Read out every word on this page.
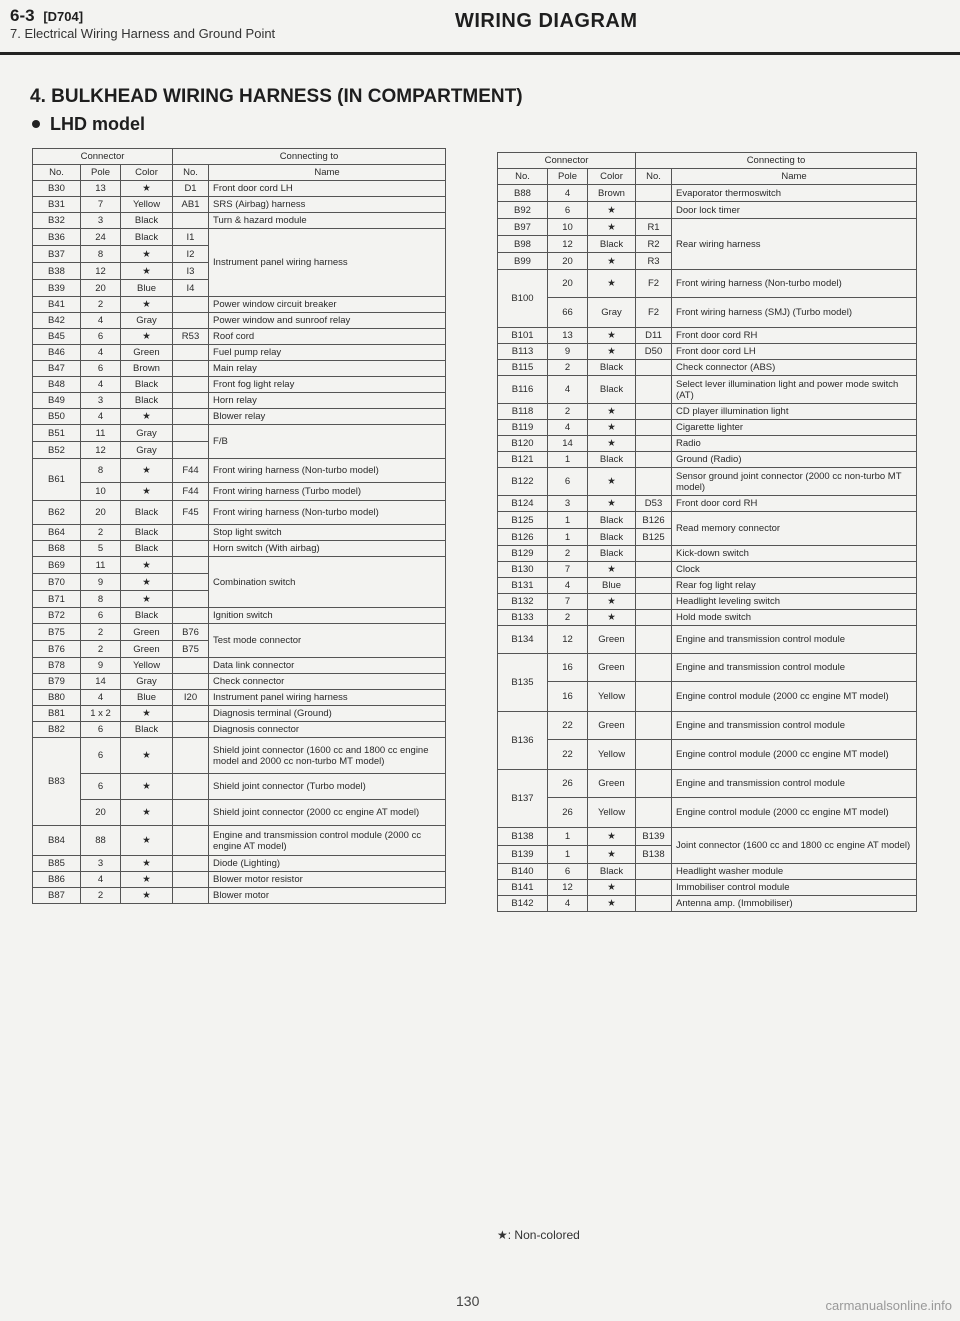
6-3 [D704]
7. Electrical Wiring Harness and Ground Point
WIRING DIAGRAM
4. BULKHEAD WIRING HARNESS (IN COMPARTMENT)
LHD model
Connector			Connecting to	
No.	Pole	Color	No.	Name
B30	13	★	D1	Front door cord LH
B31	7	Yellow	AB1	SRS (Airbag) harness
B32	3	Black		Turn & hazard module
B36	24	Black	I1	Instrument panel wiring harness
B37	8	★	I2	
B38	12	★	I3	
B39	20	Blue	I4	
B41	2	★		Power window circuit breaker
B42	4	Gray		Power window and sunroof relay
B45	6	★	R53	Roof cord
B46	4	Green		Fuel pump relay
B47	6	Brown		Main relay
B48	4	Black		Front fog light relay
B49	3	Black		Horn relay
B50	4	★		Blower relay
B51	11	Gray		F/B
B52	12	Gray		
B61	8	★	F44	Front wiring harness (Non-turbo model)
	10	★	F44	Front wiring harness (Turbo model)
B62	20	Black	F45	Front wiring harness (Non-turbo model)
B64	2	Black		Stop light switch
B68	5	Black		Horn switch (With airbag)
B69	11	★		Combination switch
B70	9	★		
B71	8	★		
B72	6	Black		Ignition switch
B75	2	Green	B76	Test mode connector
B76	2	Green	B75	
B78	9	Yellow		Data link connector
B79	14	Gray		Check connector
B80	4	Blue	I20	Instrument panel wiring harness
B81	1 x 2	★		Diagnosis terminal (Ground)
B82	6	Black		Diagnosis connector
B83	6	★		Shield joint connector (1600 cc and 1800 cc engine model and 2000 cc non-turbo MT model)
	6	★		Shield joint connector (Turbo model)
	20	★		Shield joint connector (2000 cc engine AT model)
B84	88	★		Engine and transmission control module (2000 cc engine AT model)
B85	3	★		Diode (Lighting)
B86	4	★		Blower motor resistor
B87	2	★		Blower motor
Connector			Connecting to	
No.	Pole	Color	No.	Name
B88	4	Brown		Evaporator thermoswitch
B92	6	★		Door lock timer
B97	10	★	R1	Rear wiring harness
B98	12	Black	R2	
B99	20	★	R3	
B100	20	★	F2	Front wiring harness (Non-turbo model)
	66	Gray	F2	Front wiring harness (SMJ) (Turbo model)
B101	13	★	D11	Front door cord RH
B113	9	★	D50	Front door cord LH
B115	2	Black		Check connector (ABS)
B116	4	Black		Select lever illumination light and power mode switch (AT)
B118	2	★		CD player illumination light
B119	4	★		Cigarette lighter
B120	14	★		Radio
B121	1	Black		Ground (Radio)
B122	6	★		Sensor ground joint connector (2000 cc non-turbo MT model)
B124	3	★	D53	Front door cord RH
B125	1	Black	B126	Read memory connector
B126	1	Black	B125	
B129	2	Black		Kick-down switch
B130	7	★		Clock
B131	4	Blue		Rear fog light relay
B132	7	★		Headlight leveling switch
B133	2	★		Hold mode switch
B134	12	Green		Engine and transmission control module
B135	16	Green		Engine and transmission control module
	16	Yellow		Engine control module (2000 cc engine MT model)
B136	22	Green		Engine and transmission control module
	22	Yellow		Engine control module (2000 cc engine MT model)
B137	26	Green		Engine and transmission control module
	26	Yellow		Engine control module (2000 cc engine MT model)
B138	1	★	B139	Joint connector (1600 cc and 1800 cc engine AT model)
B139	1	★	B138	
B140	6	Black		Headlight washer module
B141	12	★		Immobiliser control module
B142	4	★		Antenna amp. (Immobiliser)
★: Non-colored
130	carmanualsonline.info
